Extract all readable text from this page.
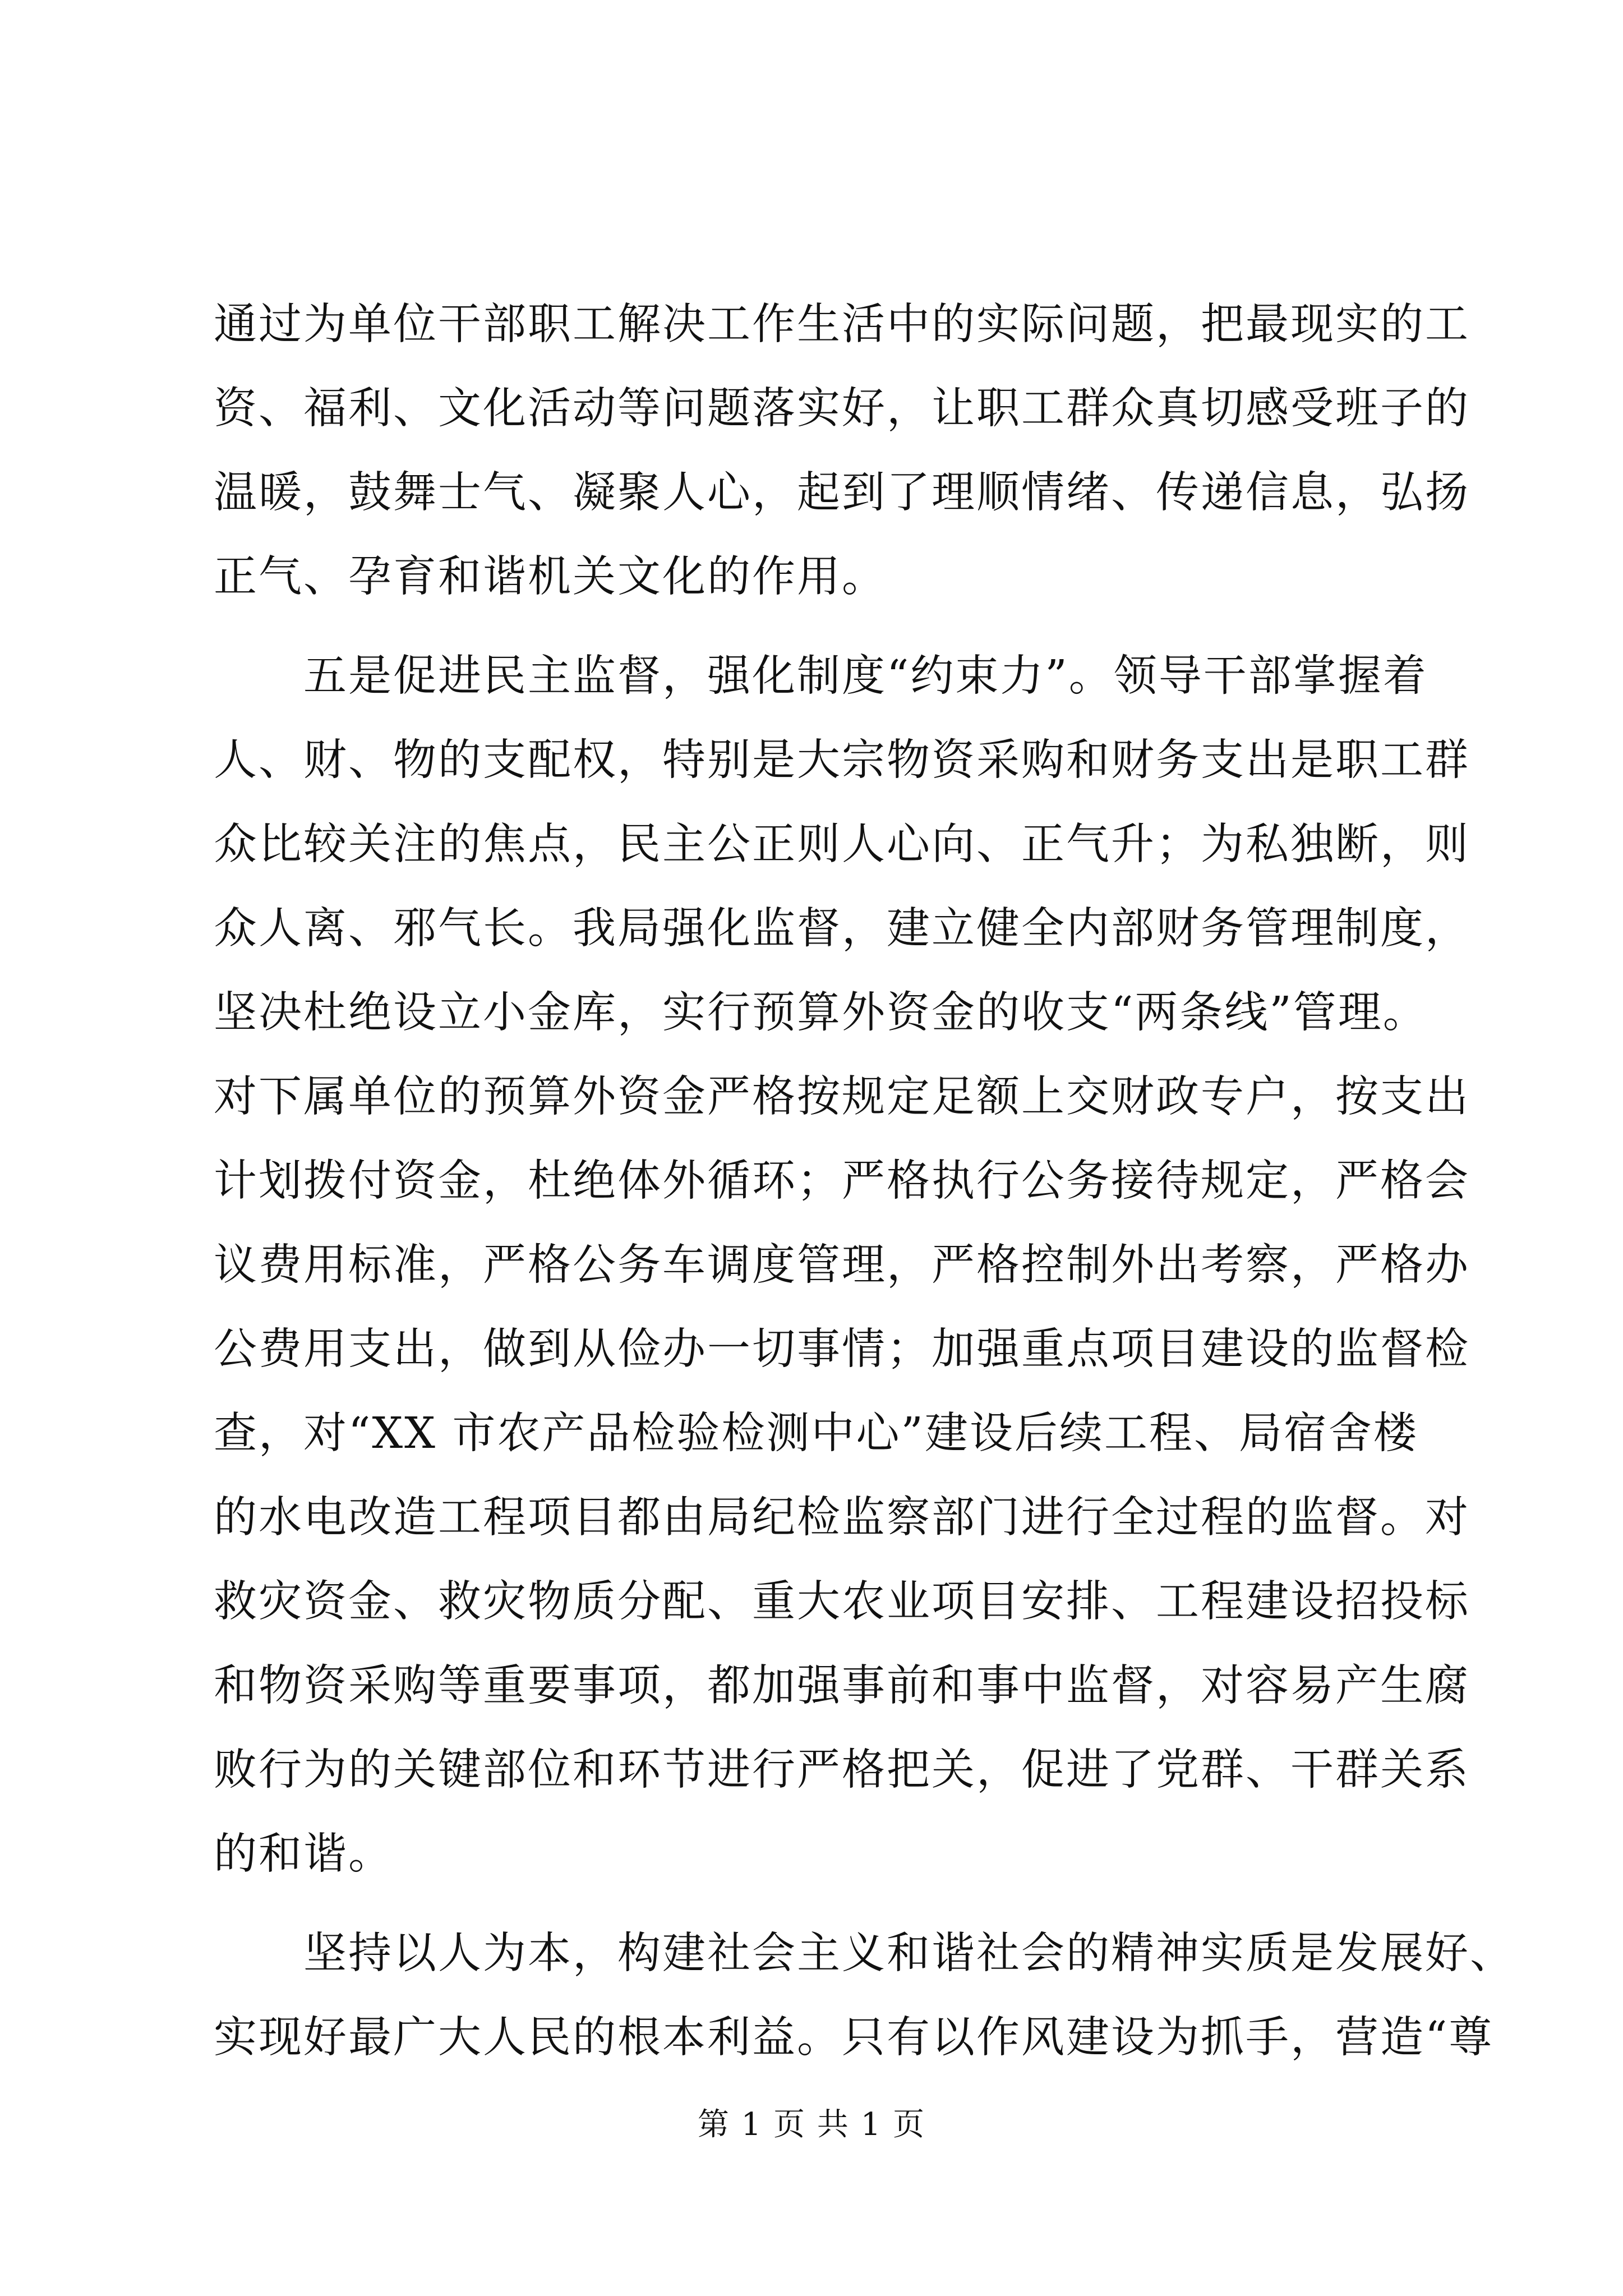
通过为单位干部职工解决工作生活中的实际问题，把最现实的工
资、福利、文化活动等问题落实好，让职工群众真切感受班子的
温暖，鼓舞士气、凝聚人心，起到了理顺情绪、传递信息，弘扬
正气、孕育和谐机关文化的作用。
五是促进民主监督，强化制度“约束力”。领导干部掌握着
人、财、物的支配权，特别是大宗物资采购和财务支出是职工群
众比较关注的焦点，民主公正则人心向、正气升；为私独断，则
众人离、邪气长。我局强化监督，建立健全内部财务管理制度，
坚决杜绝设立小金库，实行预算外资金的收支“两条线”管理。
对下属单位的预算外资金严格按规定足额上交财政专户，按支出
计划拨付资金，杜绝体外循环；严格执行公务接待规定，严格会
议费用标准，严格公务车调度管理，严格控制外出考察，严格办
公费用支出，做到从俭办一切事情；加强重点项目建设的监督检
查，对“XX 市农产品检验检测中心”建设后续工程、局宿舍楼
的水电改造工程项目都由局纪检监察部门进行全过程的监督。对
救灾资金、救灾物质分配、重大农业项目安排、工程建设招投标
和物资采购等重要事项，都加强事前和事中监督，对容易产生腐
败行为的关键部位和环节进行严格把关，促进了党群、干群关系
的和谐。
坚持以人为本，构建社会主义和谐社会的精神实质是发展好、
实现好最广大人民的根本利益。只有以作风建设为抓手，营造“尊
第 1 页 共 1 页
